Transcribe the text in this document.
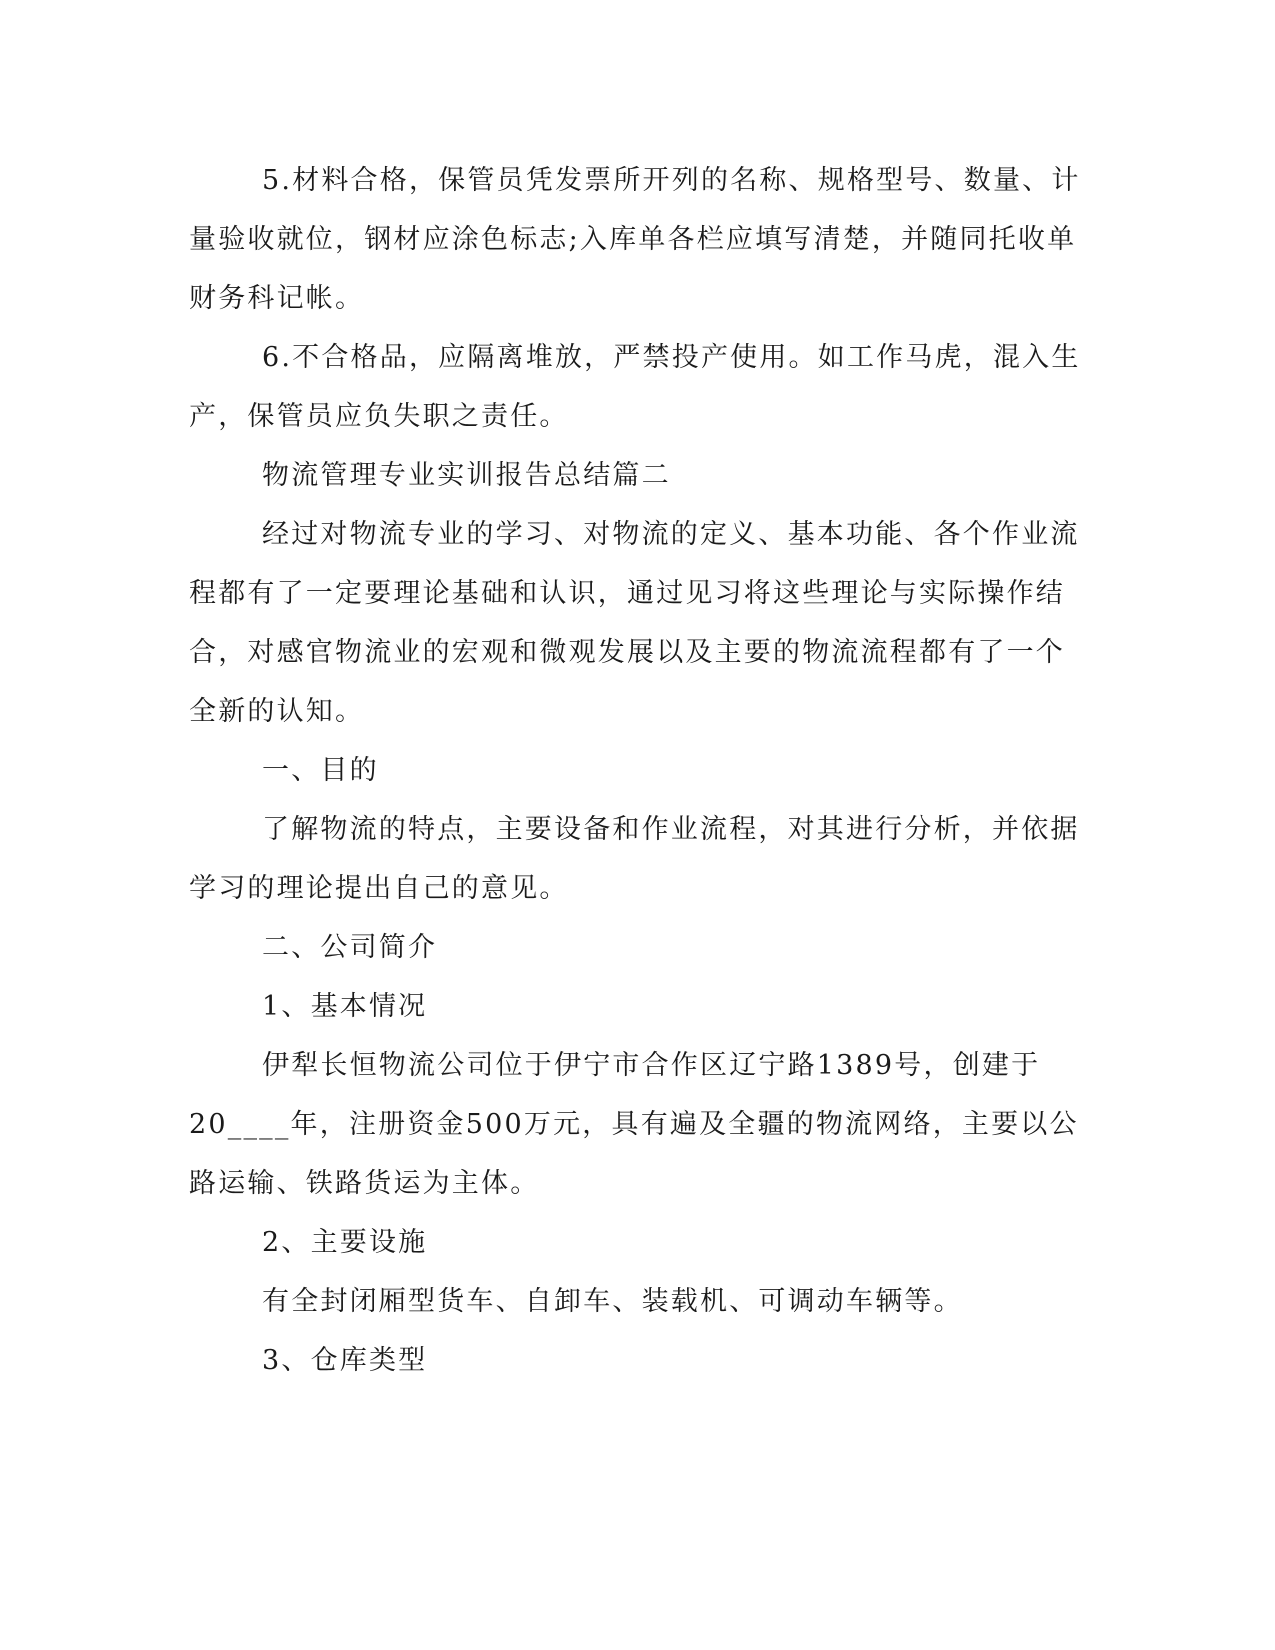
5.材料合格，保管员凭发票所开列的名称、规格型号、数量、计
量验收就位，钢材应涂色标志;入库单各栏应填写清楚，并随同托收单
财务科记帐。
6.不合格品，应隔离堆放，严禁投产使用。如工作马虎，混入生
产，保管员应负失职之责任。
物流管理专业实训报告总结篇二
经过对物流专业的学习、对物流的定义、基本功能、各个作业流
程都有了一定要理论基础和认识，通过见习将这些理论与实际操作结
合，对感官物流业的宏观和微观发展以及主要的物流流程都有了一个
全新的认知。
一、目的
了解物流的特点，主要设备和作业流程，对其进行分析，并依据
学习的理论提出自己的意见。
二、公司简介
1、基本情况
伊犁长恒物流公司位于伊宁市合作区辽宁路1389号，创建于
20____年，注册资金500万元，具有遍及全疆的物流网络，主要以公
路运输、铁路货运为主体。
2、主要设施
有全封闭厢型货车、自卸车、装载机、可调动车辆等。
3、仓库类型
